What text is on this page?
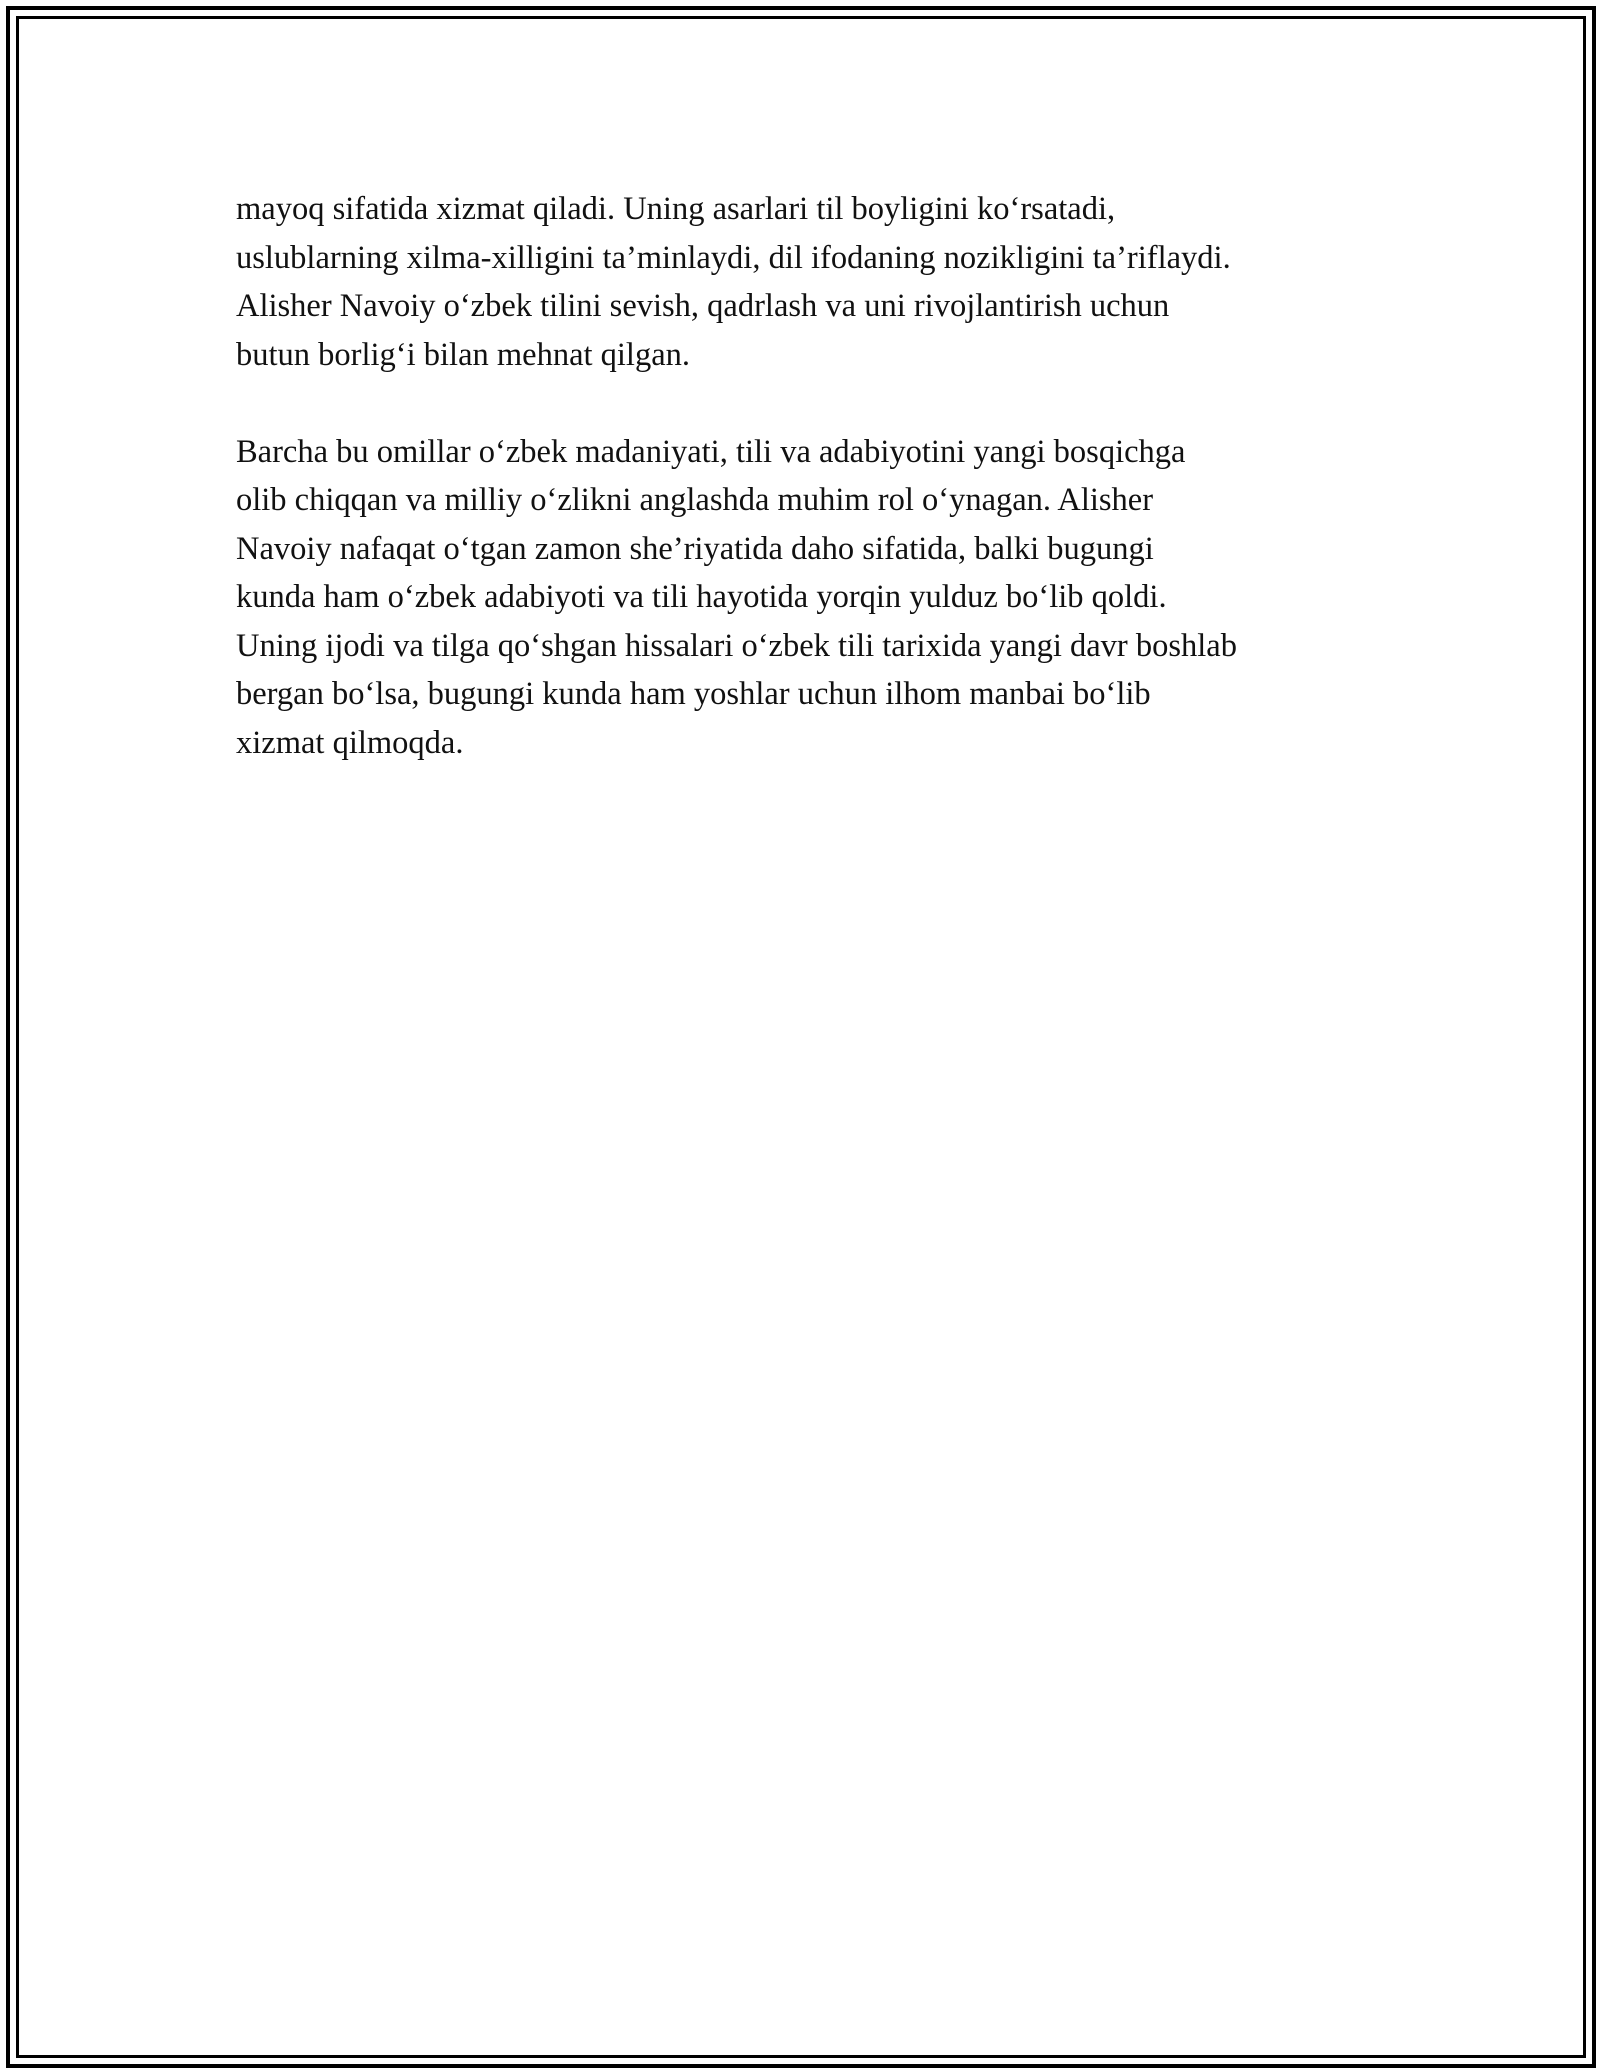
mayoq sifatida xizmat qiladi. Uning asarlari til boyligini ko‘rsatadi,
uslublarning xilma-xilligini ta’minlaydi, dil ifodaning nozikligini ta’riflaydi.
Alisher Navoiy o‘zbek tilini sevish, qadrlash va uni rivojlantirish uchun
butun borlig‘i bilan mehnat qilgan.

Barcha bu omillar o‘zbek madaniyati, tili va adabiyotini yangi bosqichga
olib chiqqan va milliy o‘zlikni anglashda muhim rol o‘ynagan. Alisher
Navoiy nafaqat o‘tgan zamon she’riyatida daho sifatida, balki bugungi
kunda ham o‘zbek adabiyoti va tili hayotida yorqin yulduz bo‘lib qoldi.
Uning ijodi va tilga qo‘shgan hissalari o‘zbek tili tarixida yangi davr boshlab
bergan bo‘lsa, bugungi kunda ham yoshlar uchun ilhom manbai bo‘lib
xizmat qilmoqda.
